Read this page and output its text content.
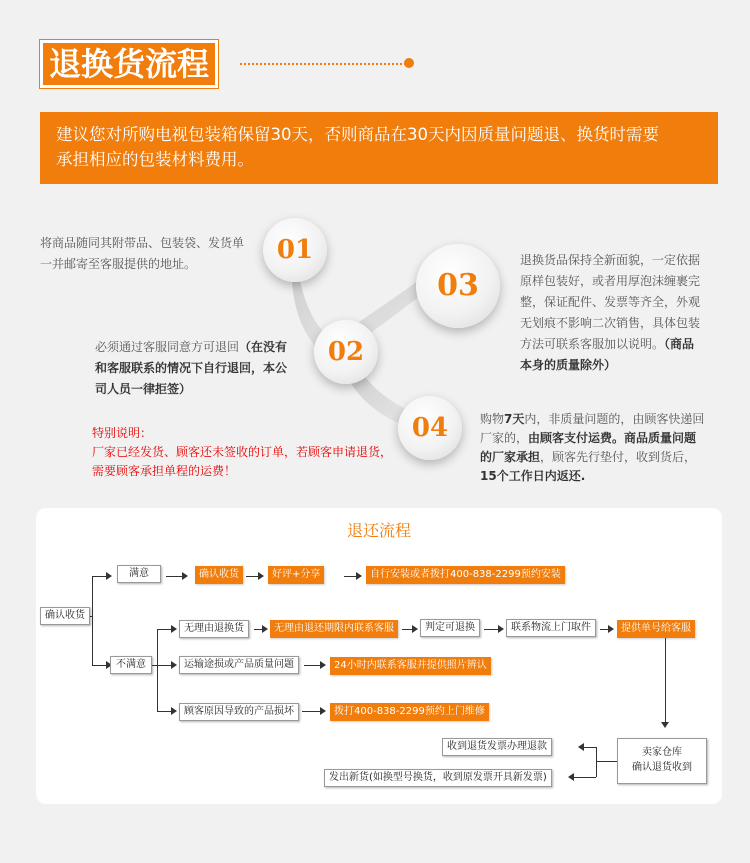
退换货流程
建议您对所购电视包装箱保留30天，否则商品在30天内因质量问题退、换货时需要
承担相应的包装材料费用。
01
02
03
04
将商品随同其附带品、包装袋、发货单
一并邮寄至客服提供的地址。
必须通过客服同意方可退回（在没有
和客服联系的情况下自行退回，本公
司人员一律拒签）
退换货品保持全新面貌，一定依据
原样包装好，或者用厚泡沫缠裹完
整，保证配件、发票等齐全，外观
无划痕不影响二次销售，具体包装
方法可联系客服加以说明。（商品
本身的质量除外）
购物7天内，非质量问题的，由顾客快递回
厂家的，由顾客支付运费。商品质量问题
的厂家承担，顾客先行垫付，收到货后，
15个工作日内返还.
特别说明：
厂家已经发货、顾客还未签收的订单，若顾客申请退货，
需要顾客承担单程的运费！
退还流程
确认收货
满意	确认收货	好评+分享	自行安装或者拨打400-838-2299预约安装
不满意
无理由退换货	无理由退还期限内联系客服	判定可退换	联系物流上门取件	提供单号给客服
运输途损或产品质量问题	24小时内联系客服并提供照片辨认
顾客原因导致的产品损坏	拨打400-838-2299预约上门维修
卖家仓库
确认退货收到
收到退货发票办理退款
发出新货(如换型号换货，收到原发票开具新发票)
